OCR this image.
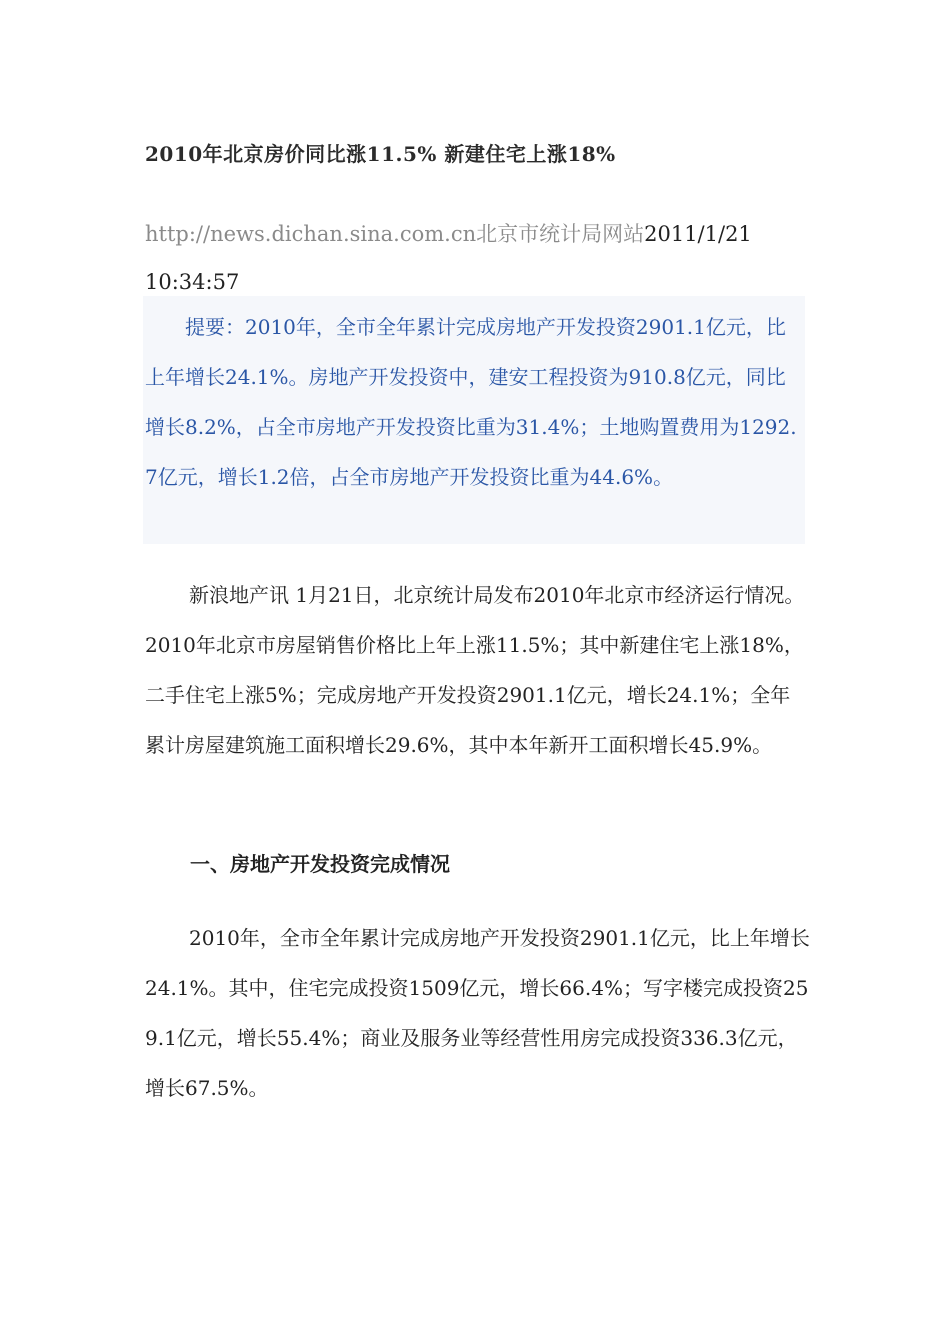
2010年北京房价同比涨11.5% 新建住宅上涨18%
http://news.dichan.sina.com.cn北京市统计局网站2011/1/21
10:34:57
提要：2010年，全市全年累计完成房地产开发投资2901.1亿元，比上年增长24.1%。房地产开发投资中，建安工程投资为910.8亿元，同比增长8.2%，占全市房地产开发投资比重为31.4%；土地购置费用为1292.7亿元，增长1.2倍，占全市房地产开发投资比重为44.6%。
新浪地产讯 1月21日，北京统计局发布2010年北京市经济运行情况。2010年北京市房屋销售价格比上年上涨11.5%；其中新建住宅上涨18%，二手住宅上涨5%；完成房地产开发投资2901.1亿元，增长24.1%；全年累计房屋建筑施工面积增长29.6%，其中本年新开工面积增长45.9%。
一、房地产开发投资完成情况
2010年，全市全年累计完成房地产开发投资2901.1亿元，比上年增长24.1%。其中，住宅完成投资1509亿元，增长66.4%；写字楼完成投资259.1亿元，增长55.4%；商业及服务业等经营性用房完成投资336.3亿元，增长67.5%。
